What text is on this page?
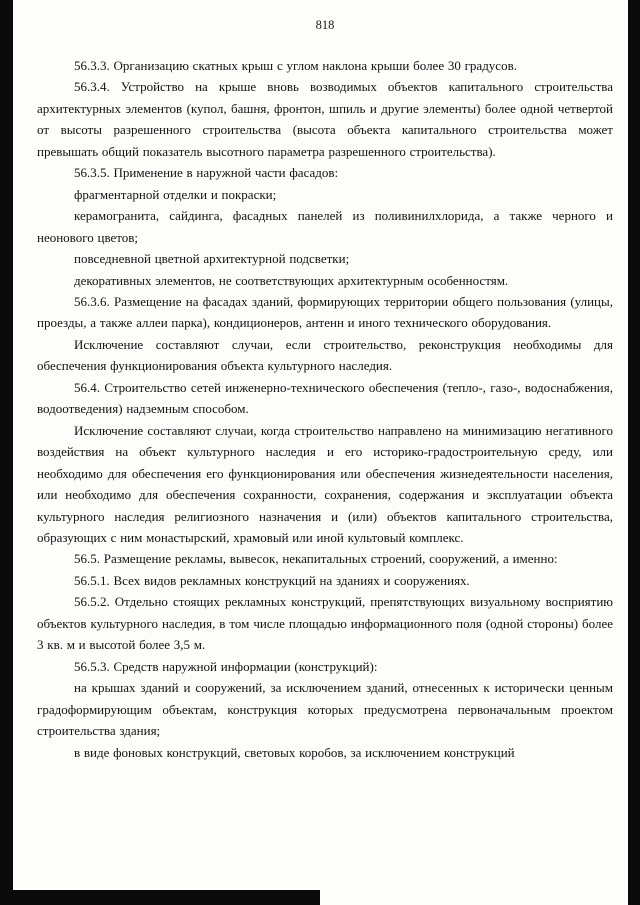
818

56.3.3. Организацию скатных крыш с углом наклона крыши более 30 градусов.

56.3.4. Устройство на крыше вновь возводимых объектов капитального строительства архитектурных элементов (купол, башня, фронтон, шпиль и другие элементы) более одной четвертой от высоты разрешенного строительства (высота объекта капитального строительства может превышать общий показатель высотного параметра разрешенного строительства).

56.3.5. Применение в наружной части фасадов:

фрагментарной отделки и покраски;

керамогранита, сайдинга, фасадных панелей из поливинилхлорида, а также черного и неонового цветов;

повседневной цветной архитектурной подсветки;

декоративных элементов, не соответствующих архитектурным особенностям.

56.3.6. Размещение на фасадах зданий, формирующих территории общего пользования (улицы, проезды, а также аллеи парка), кондиционеров, антенн и иного технического оборудования.

Исключение составляют случаи, если строительство, реконструкция необходимы для обеспечения функционирования объекта культурного наследия.

56.4. Строительство сетей инженерно-технического обеспечения (тепло-, газо-, водоснабжения, водоотведения) надземным способом.

Исключение составляют случаи, когда строительство направлено на минимизацию негативного воздействия на объект культурного наследия и его историко-градостроительную среду, или необходимо для обеспечения его функционирования или обеспечения жизнедеятельности населения, или необходимо для обеспечения сохранности, сохранения, содержания и эксплуатации объекта культурного наследия религиозного назначения и (или) объектов капитального строительства, образующих с ним монастырский, храмовый или иной культовый комплекс.

56.5. Размещение рекламы, вывесок, некапитальных строений, сооружений, а именно:

56.5.1. Всех видов рекламных конструкций на зданиях и сооружениях.

56.5.2. Отдельно стоящих рекламных конструкций, препятствующих визуальному восприятию объектов культурного наследия, в том числе площадью информационного поля (одной стороны) более 3 кв. м и высотой более 3,5 м.

56.5.3. Средств наружной информации (конструкций):

на крышах зданий и сооружений, за исключением зданий, отнесенных к исторически ценным градоформирующим объектам, конструкция которых предусмотрена первоначальным проектом строительства здания;

в виде фоновых конструкций, световых коробов, за исключением конструкций
